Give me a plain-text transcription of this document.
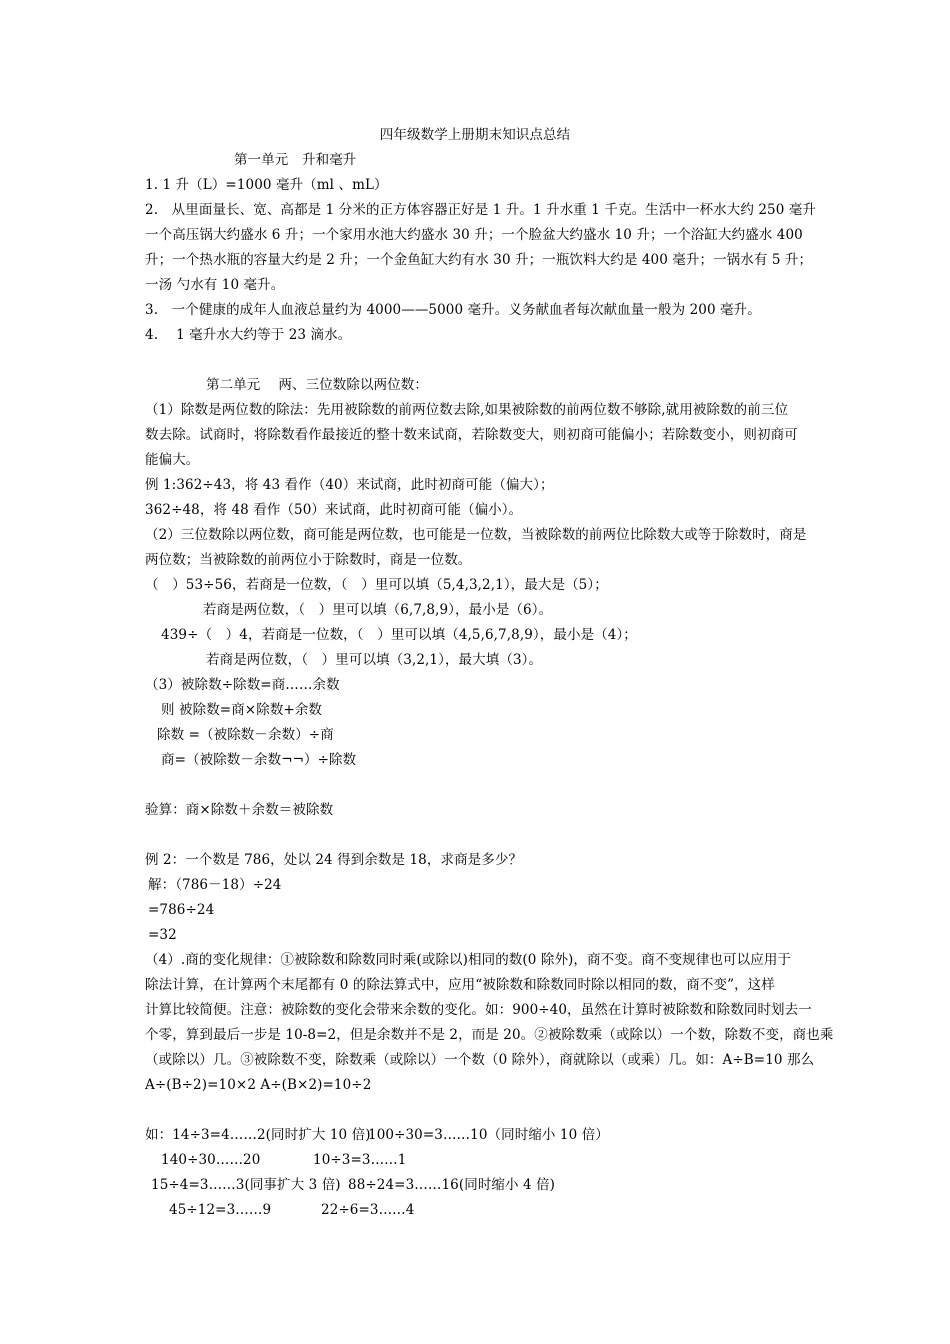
四年级数学上册期末知识点总结
第一单元　升和毫升
1. 1 升（L）=1000 毫升（ml 、mL）
2.　从里面量长、宽、高都是 1 分米的正方体容器正好是 1 升。1 升水重 1 千克。生活中一杯水大约 250 毫升
一个高压锅大约盛水 6 升；一个家用水池大约盛水 30 升；一个脸盆大约盛水 10 升；一个浴缸大约盛水 400
升；一个热水瓶的容量大约是 2 升；一个金鱼缸大约有水 30 升；一瓶饮料大约是 400 毫升；一锅水有 5 升；
一汤 勺水有 10 毫升。
3.　一个健康的成年人血液总量约为 4000——5000 毫升。义务献血者每次献血量一般为 200 毫升。
4.　 1 毫升水大约等于 23 滴水。
第二单元　 两、三位数除以两位数：
（1）除数是两位数的除法：先用被除数的前两位数去除,如果被除数的前两位数不够除,就用被除数的前三位
数去除。试商时，将除数看作最接近的整十数来试商，若除数变大，则初商可能偏小；若除数变小，则初商可
能偏大。
例 1:362÷43，将 43 看作（40）来试商，此时初商可能（偏大）；
362÷48，将 48 看作（50）来试商，此时初商可能（偏小）。
（2）三位数除以两位数，商可能是两位数，也可能是一位数，当被除数的前两位比除数大或等于除数时，商是
两位数；当被除数的前两位小于除数时，商是一位数。
（　）53÷56，若商是一位数，（　）里可以填（5,4,3,2,1），最大是（5）；
若商是两位数，（　）里可以填（6,7,8,9），最小是（6）。
439÷（　）4，若商是一位数，（　）里可以填（4,5,6,7,8,9），最小是（4）；
若商是两位数，（　）里可以填（3,2,1），最大填（3）。
（3）被除数÷除数=商……余数
则 被除数=商×除数+余数
除数 =（被除数－余数）÷商
商=（被除数－余数¬¬）÷除数
验算：商×除数＋余数＝被除数
例 2：一个数是 786，处以 24 得到余数是 18，求商是多少？
解：（786－18）÷24
=786÷24
=32
（4）.商的变化规律：①被除数和除数同时乘(或除以)相同的数(0 除外)，商不变。商不变规律也可以应用于
除法计算，在计算两个末尾都有 0 的除法算式中，应用“被除数和除数同时除以相同的数，商不变”，这样
计算比较简便。注意：被除数的变化会带来余数的变化。如：900÷40，虽然在计算时被除数和除数同时划去一
个零，算到最后一步是 10-8=2，但是余数并不是 2，而是 20。②被除数乘（或除以）一个数，除数不变，商也乘
（或除以）几。③被除数不变，除数乘（或除以）一个数（0 除外），商就除以（或乘）几。如：A÷B=10 那么
A÷(B÷2)=10×2 A÷(B×2)=10÷2
如：14÷3=4……2(同时扩大 10 倍)
100÷30=3……10（同时缩小 10 倍）
140÷30……20	10÷3=3……1
15÷4=3……3(同事扩大 3 倍) 88÷24=3……16(同时缩小 4 倍)
45÷12=3……9	22÷6=3……4
